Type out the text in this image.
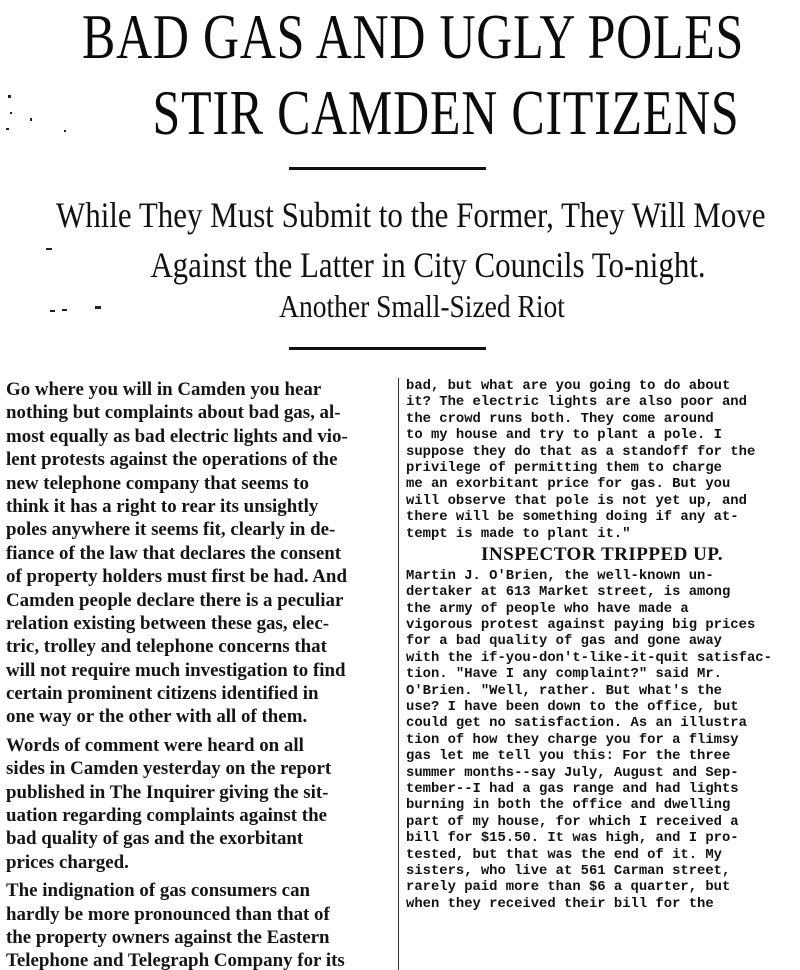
BAD GAS AND UGLY POLES
STIR CAMDEN CITIZENS
While They Must Submit to the Former, They Will Move
Against the Latter in City Councils To-night.
Another Small-Sized Riot
Go where you will in Camden you hear
nothing but complaints about bad gas, al-
most equally as bad electric lights and vio-
lent protests against the operations of the
new telephone company that seems to
think it has a right to rear its unsightly
poles anywhere it seems fit, clearly in de-
fiance of the law that declares the consent
of property holders must first be had. And
Camden people declare there is a peculiar
relation existing between these gas, elec-
tric, trolley and telephone concerns that
will not require much investigation to find
certain prominent citizens identified in
one way or the other with all of them.
Words of comment were heard on all
sides in Camden yesterday on the report
published in The Inquirer giving the sit-
uation regarding complaints against the
bad quality of gas and the exorbitant
prices charged.
The indignation of gas consumers can
hardly be more pronounced than that of
the property owners against the Eastern
Telephone and Telegraph Company for its
bad, but what are you going to do about
it? The electric lights are also poor and
the crowd runs both. They come around
to my house and try to plant a pole. I
suppose they do that as a standoff for the
privilege of permitting them to charge
me an exorbitant price for gas. But you
will observe that pole is not yet up, and
there will be something doing if any at-
tempt is made to plant it."
INSPECTOR TRIPPED UP.
Martin J. O'Brien, the well-known un-
dertaker at 613 Market street, is among
the army of people who have made a
vigorous protest against paying big prices
for a bad quality of gas and gone away
with the if-you-don't-like-it-quit satisfac-
tion. "Have I any complaint?" said Mr.
O'Brien. "Well, rather. But what's the
use? I have been down to the office, but
could get no satisfaction. As an illustra
tion of how they charge you for a flimsy
gas let me tell you this: For the three
summer months--say July, August and Sep-
tember--I had a gas range and had lights
burning in both the office and dwelling
part of my house, for which I received a
bill for $15.50. It was high, and I pro-
tested, but that was the end of it. My
sisters, who live at 561 Carman street,
rarely paid more than $6 a quarter, but
when they received their bill for the
